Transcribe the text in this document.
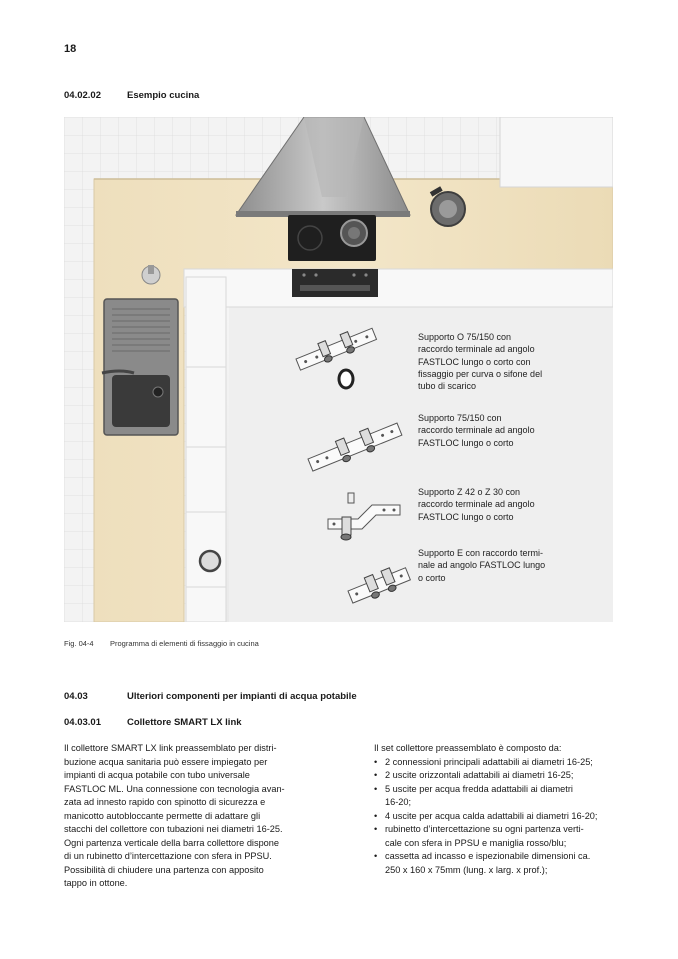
18
04.02.02	Esempio cucina
Supporto O 75/150 con
raccordo terminale ad angolo
FASTLOC lungo o corto con
fissaggio per curva o sifone del
tubo di scarico
Supporto 75/150 con
raccordo terminale ad angolo
FASTLOC lungo o corto
Supporto Z 42 o Z 30 con
raccordo terminale ad angolo
FASTLOC lungo o corto
Supporto E con raccordo termi-
nale ad angolo FASTLOC lungo
o corto
Fig. 04-4 Programma di elementi di fissaggio in cucina
04.03	Ulteriori componenti per impianti di acqua potabile
04.03.01	Collettore SMART LX link
Il collettore SMART LX link preassemblato per distri-
buzione acqua sanitaria può essere impiegato per
impianti di acqua potabile con tubo universale
FASTLOC ML. Una connessione con tecnologia avan-
zata ad innesto rapido con spinotto di sicurezza e
manicotto autobloccante permette di adattare gli
stacchi del collettore con tubazioni nei diametri 16-25.
Ogni partenza verticale della barra collettore dispone
di un rubinetto d’intercettazione con sfera in PPSU.
Possibilità di chiudere una partenza con apposito
tappo in ottone.
Il set collettore preassemblato è composto da:
• 2 connessioni principali adattabili ai diametri 16-25;
• 2 uscite orizzontali adattabili ai diametri 16-25;
• 5 uscite per acqua fredda adattabili ai diametri
16-20;
• 4 uscite per acqua calda adattabili ai diametri 16-20;
• rubinetto d’intercettazione su ogni partenza verti-
cale con sfera in PPSU e maniglia rosso/blu;
• cassetta ad incasso e ispezionabile dimensioni ca.
250 x 160 x 75mm (lung. x larg. x prof.);
